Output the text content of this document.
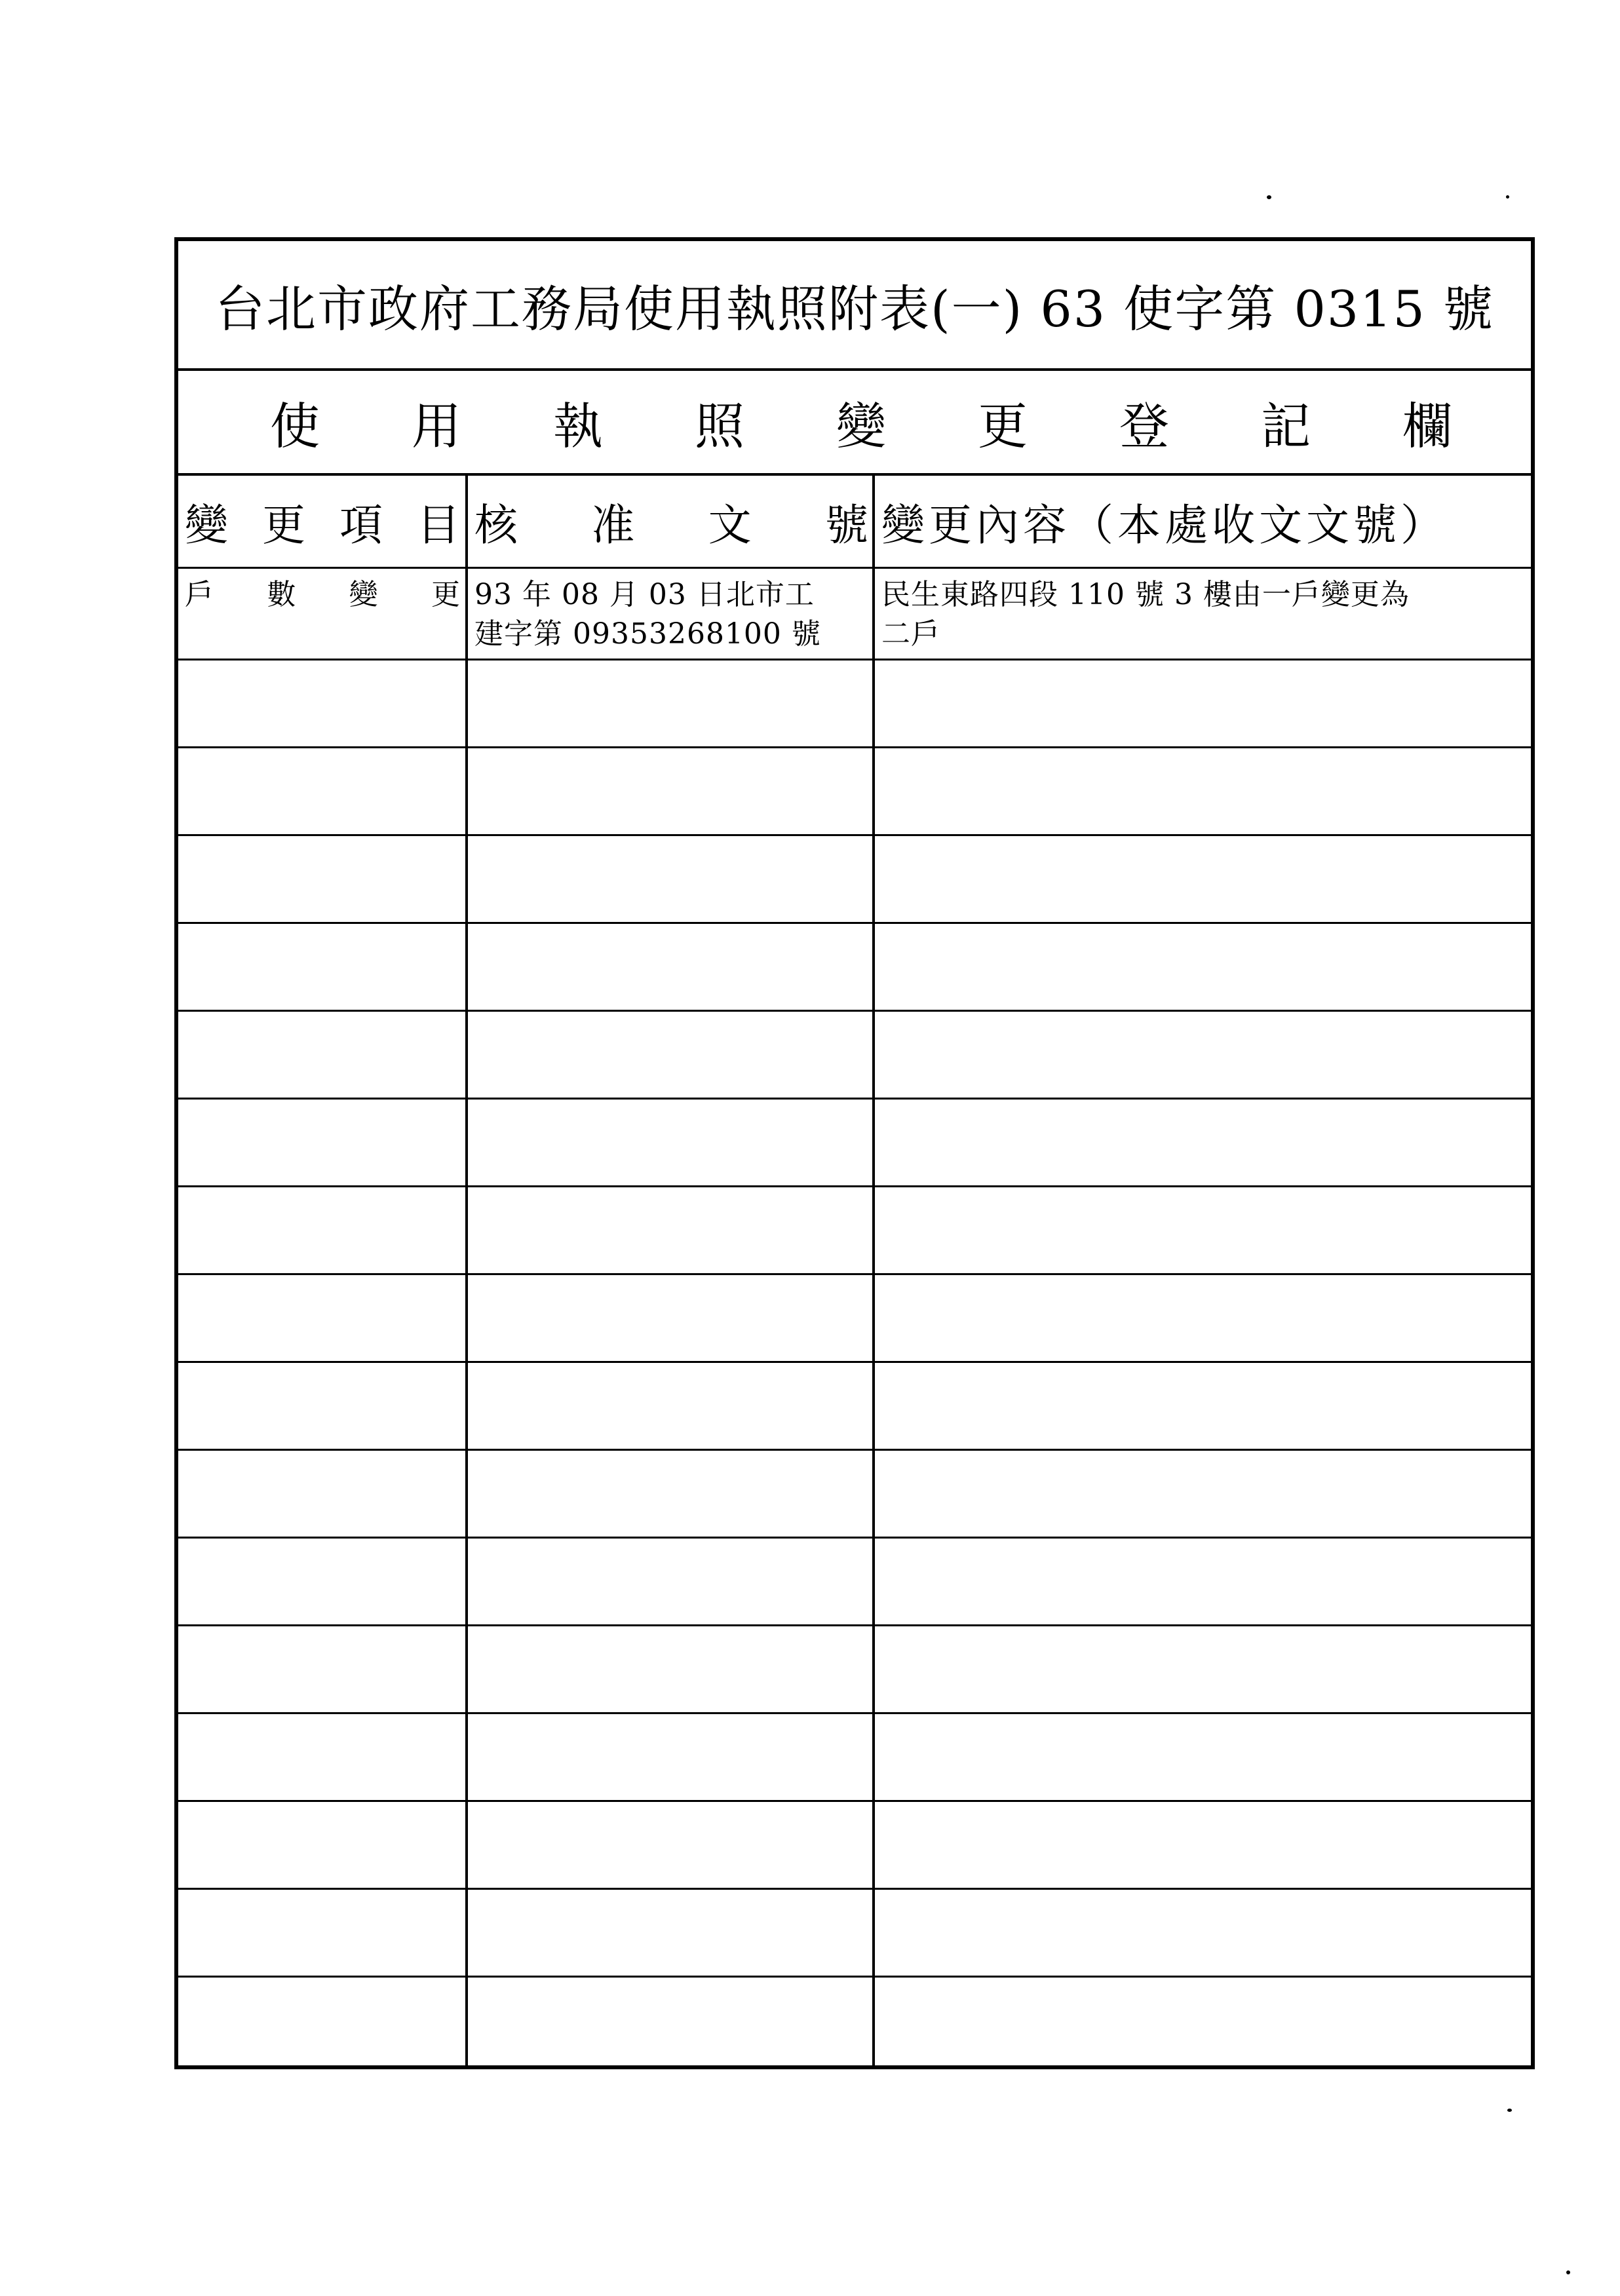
台北市政府工務局使用執照附表(一) 63 使字第 0315 號
使 用 執 照 變 更 登 記 欄
變 更 項 目 核 准 文 號 變更內容（本處收文文號）
戶 數 變 更 93 年 08 月 03 日北市工
建字第 09353268100 號
民生東路四段 110 號 3 樓由一戶變更為
二戶
